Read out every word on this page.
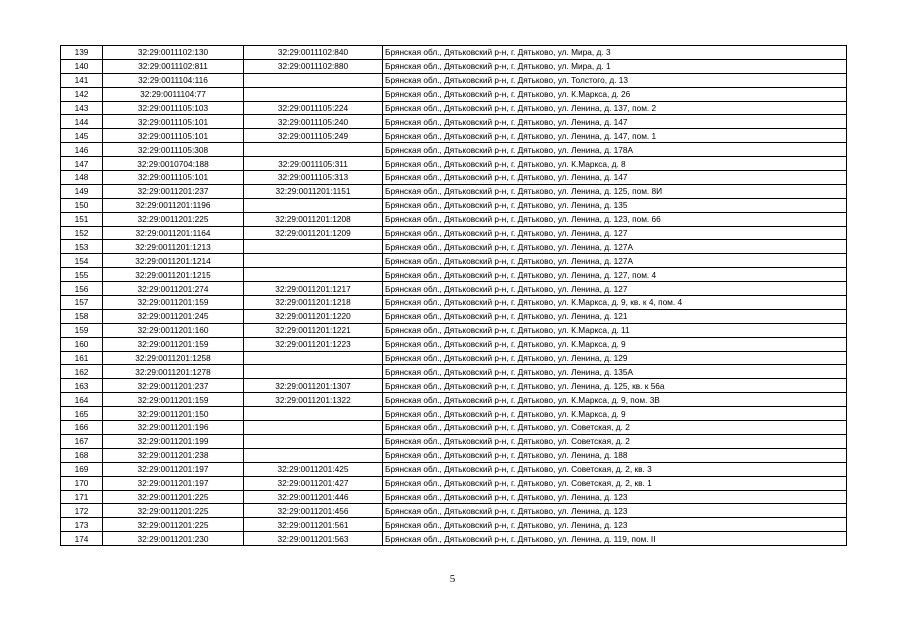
139	32:29:0011102:130	32:29:0011102:840	Брянская обл., Дятьковский р-н, г. Дятьково, ул. Мира, д. 3
140	32:29:0011102:811	32:29:0011102:880	Брянская обл., Дятьковский р-н, г. Дятьково, ул. Мира, д. 1
141	32:29:0011104:116		Брянская обл., Дятьковский р-н, г. Дятьково, ул. Толстого, д. 13
142	32:29:0011104:77		Брянская обл., Дятьковский р-н, г. Дятьково, ул. К.Маркса, д. 26
143	32:29:0011105:103	32:29:0011105:224	Брянская обл., Дятьковский р-н, г. Дятьково, ул. Ленина, д. 137, пом. 2
144	32:29:0011105:101	32:29:0011105:240	Брянская обл., Дятьковский р-н, г. Дятьково, ул. Ленина, д. 147
145	32:29:0011105:101	32:29:0011105:249	Брянская обл., Дятьковский р-н, г. Дятьково, ул. Ленина, д. 147, пом. 1
146	32:29:0011105:308		Брянская обл., Дятьковский р-н, г. Дятьково, ул. Ленина, д. 178А
147	32:29:0010704:188	32:29:0011105:311	Брянская обл., Дятьковский р-н, г. Дятьково, ул. К.Маркса, д. 8
148	32:29:0011105:101	32:29:0011105:313	Брянская обл., Дятьковский р-н, г. Дятьково, ул. Ленина, д. 147
149	32:29:0011201:237	32:29:0011201:1151	Брянская обл., Дятьковский р-н, г. Дятьково, ул. Ленина, д. 125, пом. 8И
150	32:29:0011201:1196		Брянская обл., Дятьковский р-н, г. Дятьково, ул. Ленина, д. 135
151	32:29:0011201:225	32:29:0011201:1208	Брянская обл., Дятьковский р-н, г. Дятьково, ул. Ленина, д. 123, пом. 66
152	32:29:0011201:1164	32:29:0011201:1209	Брянская обл., Дятьковский р-н, г. Дятьково, ул. Ленина, д. 127
153	32:29:0011201:1213		Брянская обл., Дятьковский р-н, г. Дятьково, ул. Ленина, д. 127А
154	32:29:0011201:1214		Брянская обл., Дятьковский р-н, г. Дятьково, ул. Ленина, д. 127А
155	32:29:0011201:1215		Брянская обл., Дятьковский р-н, г. Дятьково, ул. Ленина, д. 127, пом. 4
156	32:29:0011201:274	32:29:0011201:1217	Брянская обл., Дятьковский р-н, г. Дятьково, ул. Ленина, д. 127
157	32:29:0011201:159	32:29:0011201:1218	Брянская обл., Дятьковский р-н, г. Дятьково, ул. К.Маркса, д. 9, кв. к 4, пом. 4
158	32:29:0011201:245	32:29:0011201:1220	Брянская обл., Дятьковский р-н, г. Дятьково, ул. Ленина, д. 121
159	32:29:0011201:160	32:29:0011201:1221	Брянская обл., Дятьковский р-н, г. Дятьково, ул. К.Маркса, д. 11
160	32:29:0011201:159	32:29:0011201:1223	Брянская обл., Дятьковский р-н, г. Дятьково, ул. К.Маркса, д. 9
161	32:29:0011201:1258		Брянская обл., Дятьковский р-н, г. Дятьково, ул. Ленина, д. 129
162	32:29:0011201:1278		Брянская обл., Дятьковский р-н, г. Дятьково, ул. Ленина, д. 135А
163	32:29:0011201:237	32:29:0011201:1307	Брянская обл., Дятьковский р-н, г. Дятьково, ул. Ленина, д. 125, кв. к 56а
164	32:29:0011201:159	32:29:0011201:1322	Брянская обл., Дятьковский р-н, г. Дятьково, ул. К.Маркса, д. 9, пом. 3В
165	32:29:0011201:150		Брянская обл., Дятьковский р-н, г. Дятьково, ул. К.Маркса, д. 9
166	32:29:0011201:196		Брянская обл., Дятьковский р-н, г. Дятьково, ул. Советская, д. 2
167	32:29:0011201:199		Брянская обл., Дятьковский р-н, г. Дятьково, ул. Советская, д. 2
168	32:29:0011201:238		Брянская обл., Дятьковский р-н, г. Дятьково, ул. Ленина, д. 188
169	32:29:0011201:197	32:29:0011201:425	Брянская обл., Дятьковский р-н, г. Дятьково, ул. Советская, д. 2, кв. 3
170	32:29:0011201:197	32:29:0011201:427	Брянская обл., Дятьковский р-н, г. Дятьково, ул. Советская, д. 2, кв. 1
171	32:29:0011201:225	32:29:0011201:446	Брянская обл., Дятьковский р-н, г. Дятьково, ул. Ленина, д. 123
172	32:29:0011201:225	32:29:0011201:456	Брянская обл., Дятьковский р-н, г. Дятьково, ул. Ленина, д. 123
173	32:29:0011201:225	32:29:0011201:561	Брянская обл., Дятьковский р-н, г. Дятьково, ул. Ленина, д. 123
174	32:29:0011201:230	32:29:0011201:563	Брянская обл., Дятьковский р-н, г. Дятьково, ул. Ленина, д. 119, пом. II
5
